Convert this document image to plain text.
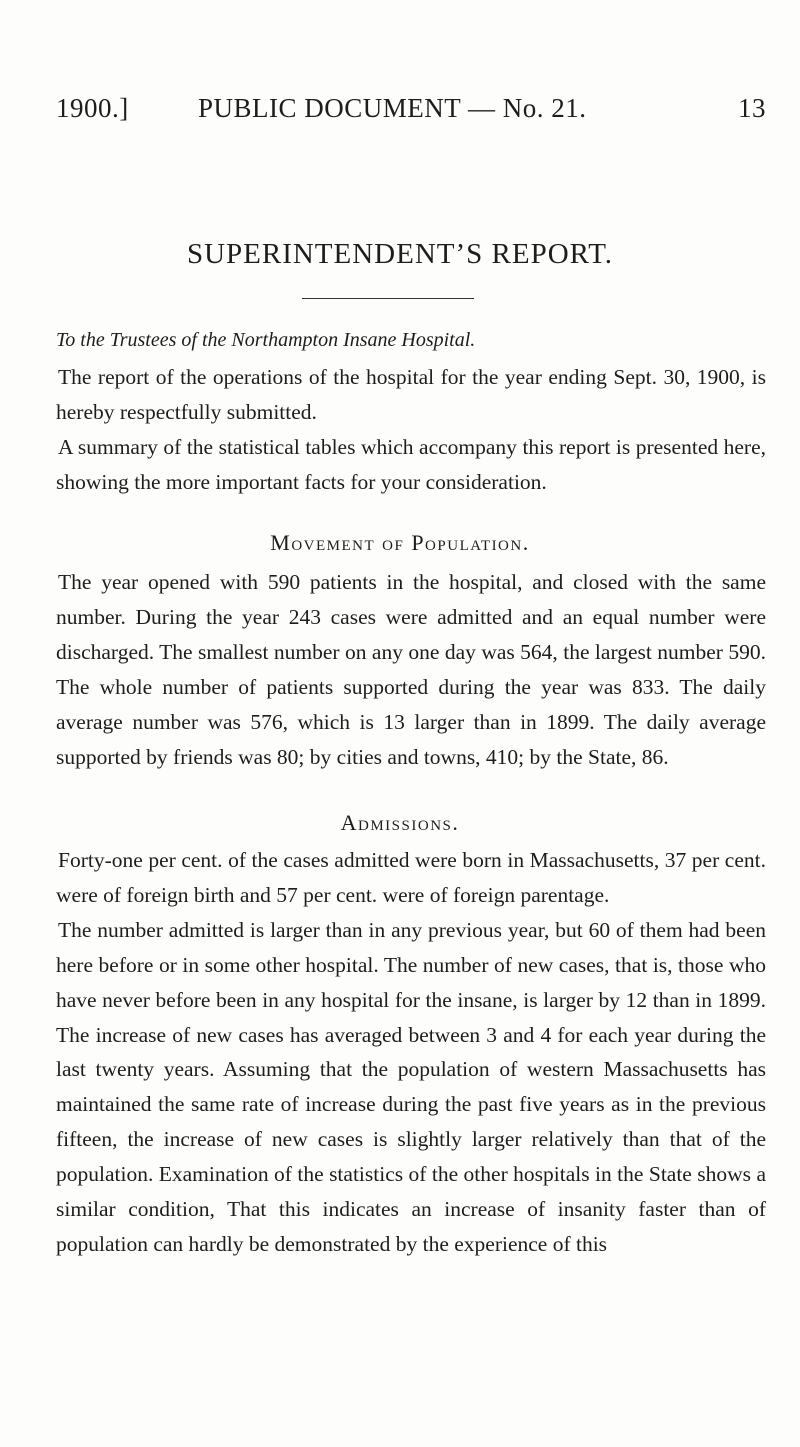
1900.]	PUBLIC DOCUMENT — No. 21.	13
SUPERINTENDENT’S REPORT.
To the Trustees of the Northampton Insane Hospital.

The report of the operations of the hospital for the year ending Sept. 30, 1900, is hereby respectfully submitted.

A summary of the statistical tables which accompany this report is presented here, showing the more important facts for your consideration.

Movement of Population.

The year opened with 590 patients in the hospital, and closed with the same number. During the year 243 cases were admitted and an equal number were discharged. The smallest number on any one day was 564, the largest number 590. The whole number of patients supported during the year was 833. The daily average number was 576, which is 13 larger than in 1899. The daily average supported by friends was 80; by cities and towns, 410; by the State, 86.

Admissions.

Forty-one per cent. of the cases admitted were born in Massachusetts, 37 per cent. were of foreign birth and 57 per cent. were of foreign parentage.

The number admitted is larger than in any previous year, but 60 of them had been here before or in some other hospital. The number of new cases, that is, those who have never before been in any hospital for the insane, is larger by 12 than in 1899. The increase of new cases has averaged between 3 and 4 for each year during the last twenty years. Assuming that the population of western Massachusetts has maintained the same rate of increase during the past five years as in the previous fifteen, the increase of new cases is slightly larger relatively than that of the population. Examination of the statistics of the other hospitals in the State shows a similar condition, That this indicates an increase of insanity faster than of population can hardly be demonstrated by the experience of this
